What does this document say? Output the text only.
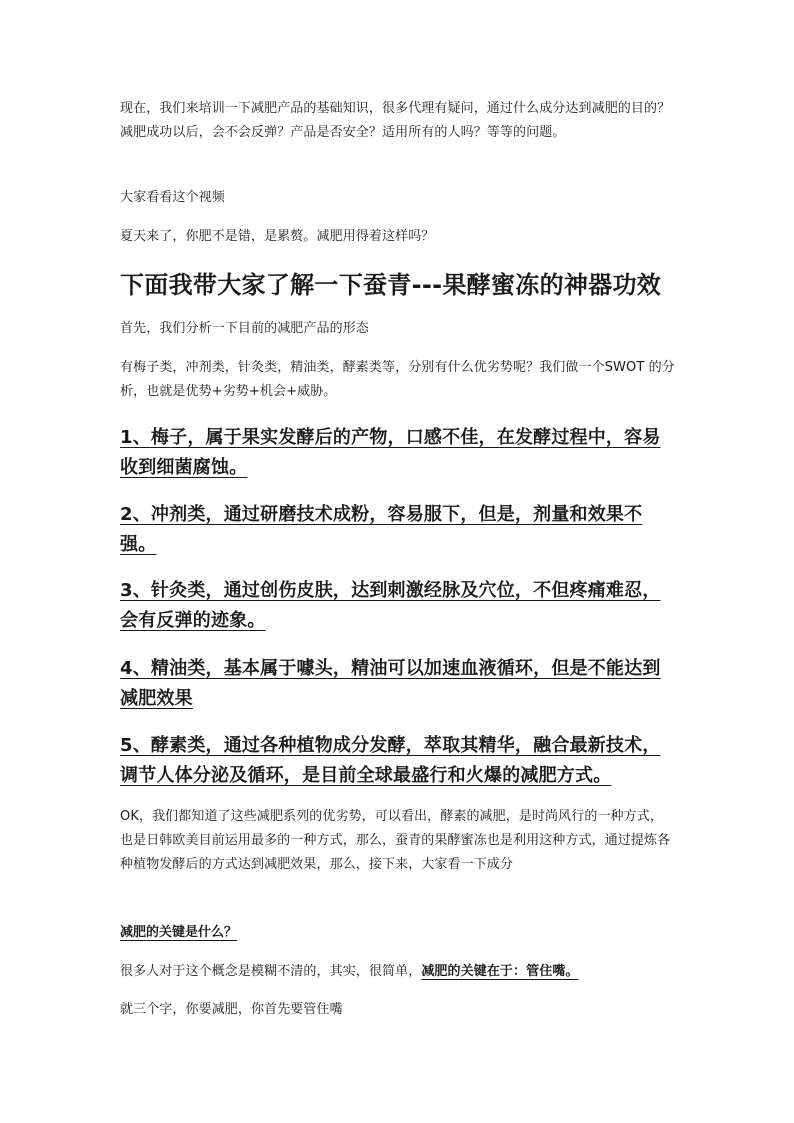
现在，我们来培训一下减肥产品的基础知识，很多代理有疑问，通过什么成分达到减肥的目的？减肥成功以后，会不会反弹？产品是否安全？适用所有的人吗？等等的问题。

大家看看这个视频

夏天来了，你肥不是错，是累赘。减肥用得着这样吗？

下面我带大家了解一下蚕青---果酵蜜冻的神器功效

首先，我们分析一下目前的减肥产品的形态

有梅子类，冲剂类，针灸类，精油类，酵素类等，分别有什么优劣势呢？我们做一个SWOT 的分析，也就是优势+劣势+机会+威胁。

1、梅子，属于果实发酵后的产物，口感不佳，在发酵过程中，容易收到细菌腐蚀。
2、冲剂类，通过研磨技术成粉，容易服下，但是，剂量和效果不强。
3、针灸类，通过创伤皮肤，达到刺激经脉及穴位，不但疼痛难忍，会有反弹的迹象。
4、精油类，基本属于噱头，精油可以加速血液循环，但是不能达到减肥效果
5、酵素类，通过各种植物成分发酵，萃取其精华，融合最新技术，调节人体分泌及循环，是目前全球最盛行和火爆的减肥方式。

OK，我们都知道了这些减肥系列的优劣势，可以看出，酵素的减肥，是时尚风行的一种方式，也是日韩欧美目前运用最多的一种方式，那么，蚕青的果酵蜜冻也是利用这种方式，通过提炼各种植物发酵后的方式达到减肥效果，那么，接下来，大家看一下成分

减肥的关键是什么？

很多人对于这个概念是模糊不清的，其实，很简单，减肥的关键在于：管住嘴。

就三个字，你要减肥，你首先要管住嘴
